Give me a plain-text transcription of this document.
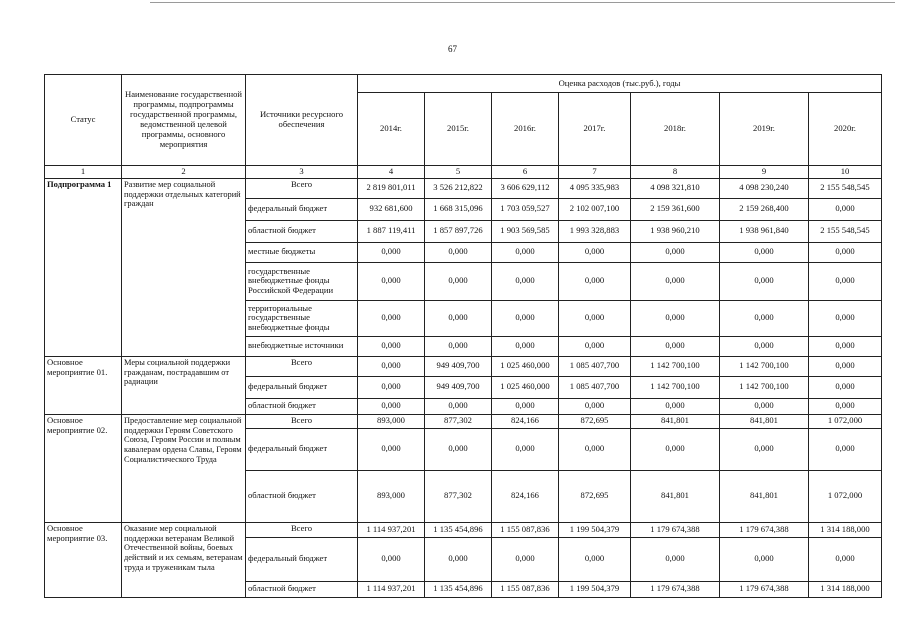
67
Статус	Наименование государственной программы, подпрограммы государственной программы, ведомственной целевой программы, основного мероприятия	Источники ресурсного обеспечения	Оценка расходов (тыс.руб.), годы						
			2014г.	2015г.	2016г.	2017г.	2018г.	2019г.	2020г.
1	2	3	4	5	6	7	8	9	10
Подпрограмма 1	Развитие мер социальной поддержки отдельных категорий граждан	Всего	2 819 801,011	3 526 212,822	3 606 629,112	4 095 335,983	4 098 321,810	4 098 230,240	2 155 548,545
		федеральный бюджет	932 681,600	1 668 315,096	1 703 059,527	2 102 007,100	2 159 361,600	2 159 268,400	0,000
		областной бюджет	1 887 119,411	1 857 897,726	1 903 569,585	1 993 328,883	1 938 960,210	1 938 961,840	2 155 548,545
		местные бюджеты	0,000	0,000	0,000	0,000	0,000	0,000	0,000
		государственные внебюджетные фонды Российской Федерации	0,000	0,000	0,000	0,000	0,000	0,000	0,000
		территориальные государственные внебюджетные фонды	0,000	0,000	0,000	0,000	0,000	0,000	0,000
		внебюджетные источники	0,000	0,000	0,000	0,000	0,000	0,000	0,000
Основное мероприятие 01.	Меры социальной поддержки гражданам, пострадавшим от радиации	Всего	0,000	949 409,700	1 025 460,000	1 085 407,700	1 142 700,100	1 142 700,100	0,000
		федеральный бюджет	0,000	949 409,700	1 025 460,000	1 085 407,700	1 142 700,100	1 142 700,100	0,000
		областной бюджет	0,000	0,000	0,000	0,000	0,000	0,000	0,000
Основное мероприятие 02.	Предоставление мер социальной поддержки Героям Советского Союза, Героям России и полным кавалерам ордена Славы, Героям Социалистического Труда	Всего	893,000	877,302	824,166	872,695	841,801	841,801	1 072,000
		федеральный бюджет	0,000	0,000	0,000	0,000	0,000	0,000	0,000
		областной бюджет	893,000	877,302	824,166	872,695	841,801	841,801	1 072,000
Основное мероприятие 03.	Оказание мер социальной поддержки ветеранам Великой Отечественной войны, боевых действий и их семьям, ветеранам труда и труженикам тыла	Всего	1 114 937,201	1 135 454,896	1 155 087,836	1 199 504,379	1 179 674,388	1 179 674,388	1 314 188,000
		федеральный бюджет	0,000	0,000	0,000	0,000	0,000	0,000	0,000
		областной бюджет	1 114 937,201	1 135 454,896	1 155 087,836	1 199 504,379	1 179 674,388	1 179 674,388	1 314 188,000
